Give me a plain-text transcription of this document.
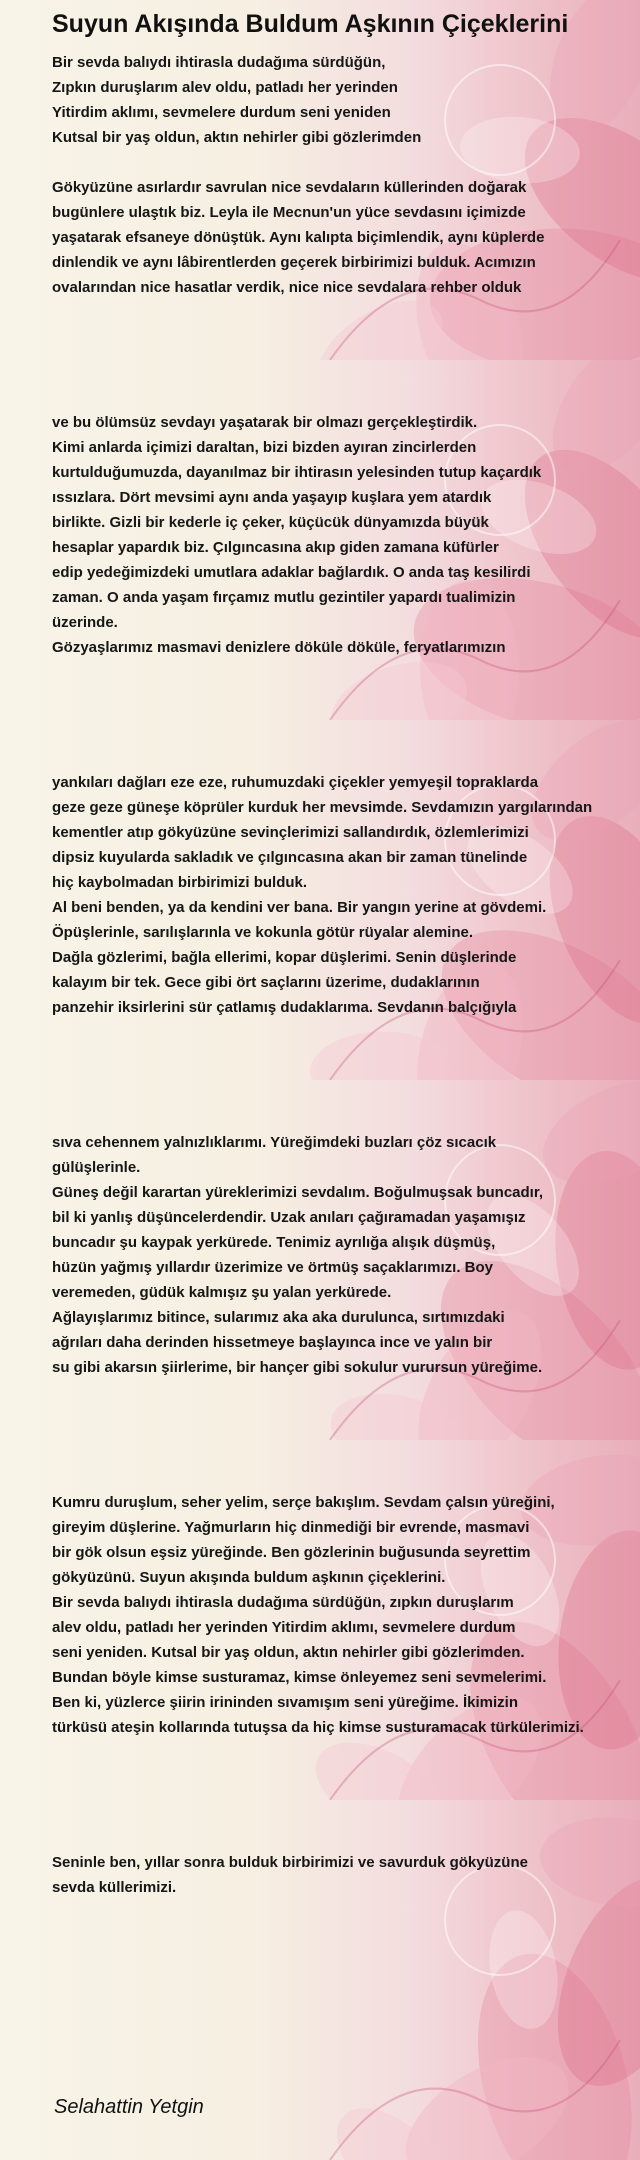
Suyun Akışında Buldum Aşkının Çiçeklerini
Bir sevda balıydı ihtirasla dudağıma sürdüğün,
Zıpkın duruşlarım alev oldu, patladı her yerinden
Yitirdim aklımı, sevmelere durdum seni yeniden
Kutsal bir yaş oldun, aktın nehirler gibi gözlerimden
Gökyüzüne asırlardır savrulan nice sevdaların küllerinden doğarak
bugünlere ulaştık biz. Leyla ile Mecnun'un yüce sevdasını içimizde
yaşatarak efsaneye dönüştük. Aynı kalıpta biçimlendik, aynı küplerde
dinlendik ve aynı lâbirentlerden geçerek birbirimizi bulduk. Acımızın
ovalarından nice hasatlar verdik, nice nice sevdalara rehber olduk
ve bu ölümsüz sevdayı yaşatarak bir olmazı gerçekleştirdik.
Kimi anlarda içimizi daraltan, bizi bizden ayıran zincirlerden
kurtulduğumuzda, dayanılmaz bir ihtirasın yelesinden tutup kaçardık
ıssızlara. Dört mevsimi aynı anda yaşayıp kuşlara yem atardık
birlikte. Gizli bir kederle iç çeker, küçücük dünyamızda büyük
hesaplar yapardık biz. Çılgıncasına akıp giden zamana küfürler
edip yedeğimizdeki umutlara adaklar bağlardık. O anda taş kesilirdi
zaman. O anda yaşam fırçamız mutlu gezintiler yapardı tualimizin
üzerinde.
Gözyaşlarımız masmavi denizlere döküle döküle, feryatlarımızın
yankıları dağları eze eze, ruhumuzdaki çiçekler yemyeşil topraklarda
geze geze güneşe köprüler kurduk her mevsimde. Sevdamızın yargılarından
kementler atıp gökyüzüne sevinçlerimizi sallandırdık, özlemlerimizi
dipsiz kuyularda sakladık ve çılgıncasına akan bir zaman tünelinde
hiç kaybolmadan birbirimizi bulduk.
Al beni benden, ya da kendini ver bana. Bir yangın yerine at gövdemi.
Öpüşlerinle, sarılışlarınla ve kokunla götür rüyalar alemine.
Dağla gözlerimi, bağla ellerimi, kopar düşlerimi. Senin düşlerinde
kalayım bir tek. Gece gibi ört saçlarını üzerime, dudaklarının
panzehir iksirlerini sür çatlamış dudaklarıma. Sevdanın balçığıyla
sıva cehennem yalnızlıklarımı. Yüreğimdeki buzları çöz sıcacık
gülüşlerinle.
Güneş değil karartan yüreklerimizi sevdalım. Boğulmuşsak buncadır,
bil ki yanlış düşüncelerdendir. Uzak anıları çağıramadan yaşamışız
buncadır şu kaypak yerkürede. Tenimiz ayrılığa alışık düşmüş,
hüzün yağmış yıllardır üzerimize ve örtmüş saçaklarımızı. Boy
veremeden, güdük kalmışız şu yalan yerkürede.
Ağlayışlarımız bitince, sularımız aka aka durulunca, sırtımızdaki
ağrıları daha derinden hissetmeye başlayınca ince ve yalın bir
su gibi akarsın şiirlerime, bir hançer gibi sokulur vurursun yüreğime.
Kumru duruşlum, seher yelim, serçe bakışlım. Sevdam çalsın yüreğini,
gireyim düşlerine. Yağmurların hiç dinmediği bir evrende, masmavi
bir gök olsun eşsiz yüreğinde. Ben gözlerinin buğusunda seyrettim
gökyüzünü. Suyun akışında buldum aşkının çiçeklerini.
Bir sevda balıydı ihtirasla dudağıma sürdüğün, zıpkın duruşlarım
alev oldu, patladı her yerinden Yitirdim aklımı, sevmelere durdum
seni yeniden. Kutsal bir yaş oldun, aktın nehirler gibi gözlerimden.
Bundan böyle kimse susturamaz, kimse önleyemez seni sevmelerimi.
Ben ki, yüzlerce şiirin irininden sıvamışım seni yüreğime. İkimizin
türküsü ateşin kollarında tutuşsa da hiç kimse susturamacak türkülerimizi.
Seninle ben, yıllar sonra bulduk birbirimizi ve savurduk gökyüzüne
sevda küllerimizi.
Selahattin Yetgin
